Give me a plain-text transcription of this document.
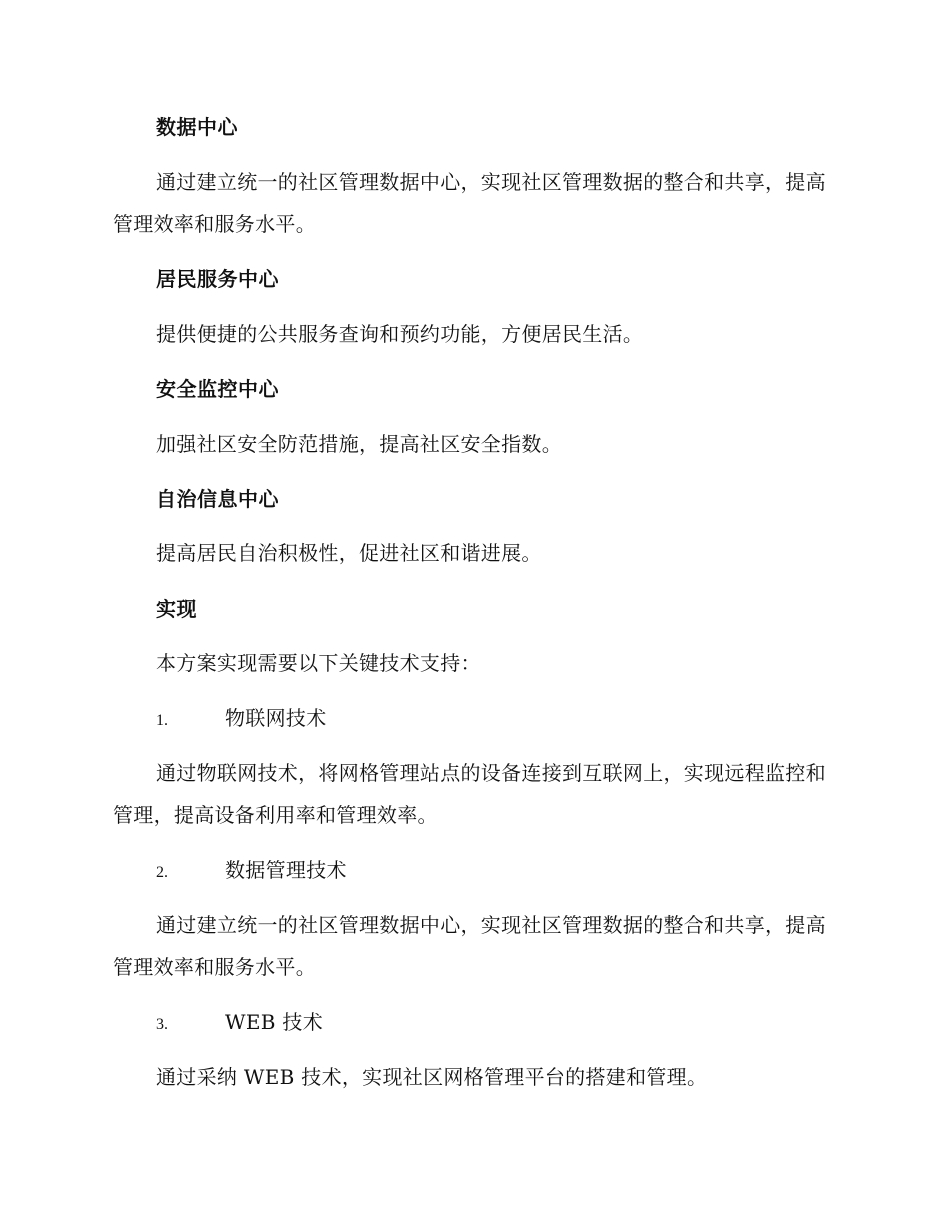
数据中心

通过建立统一的社区管理数据中心，实现社区管理数据的整合和共享，提高管理效率和服务水平。

居民服务中心

提供便捷的公共服务查询和预约功能，方便居民生活。

安全监控中心

加强社区安全防范措施，提高社区安全指数。

自治信息中心

提高居民自治积极性，促进社区和谐进展。

实现

本方案实现需要以下关键技术支持：

1.	物联网技术

通过物联网技术，将网格管理站点的设备连接到互联网上，实现远程监控和管理，提高设备利用率和管理效率。

2.	数据管理技术

通过建立统一的社区管理数据中心，实现社区管理数据的整合和共享，提高管理效率和服务水平。

3.	WEB 技术

通过采纳 WEB 技术，实现社区网格管理平台的搭建和管理。
